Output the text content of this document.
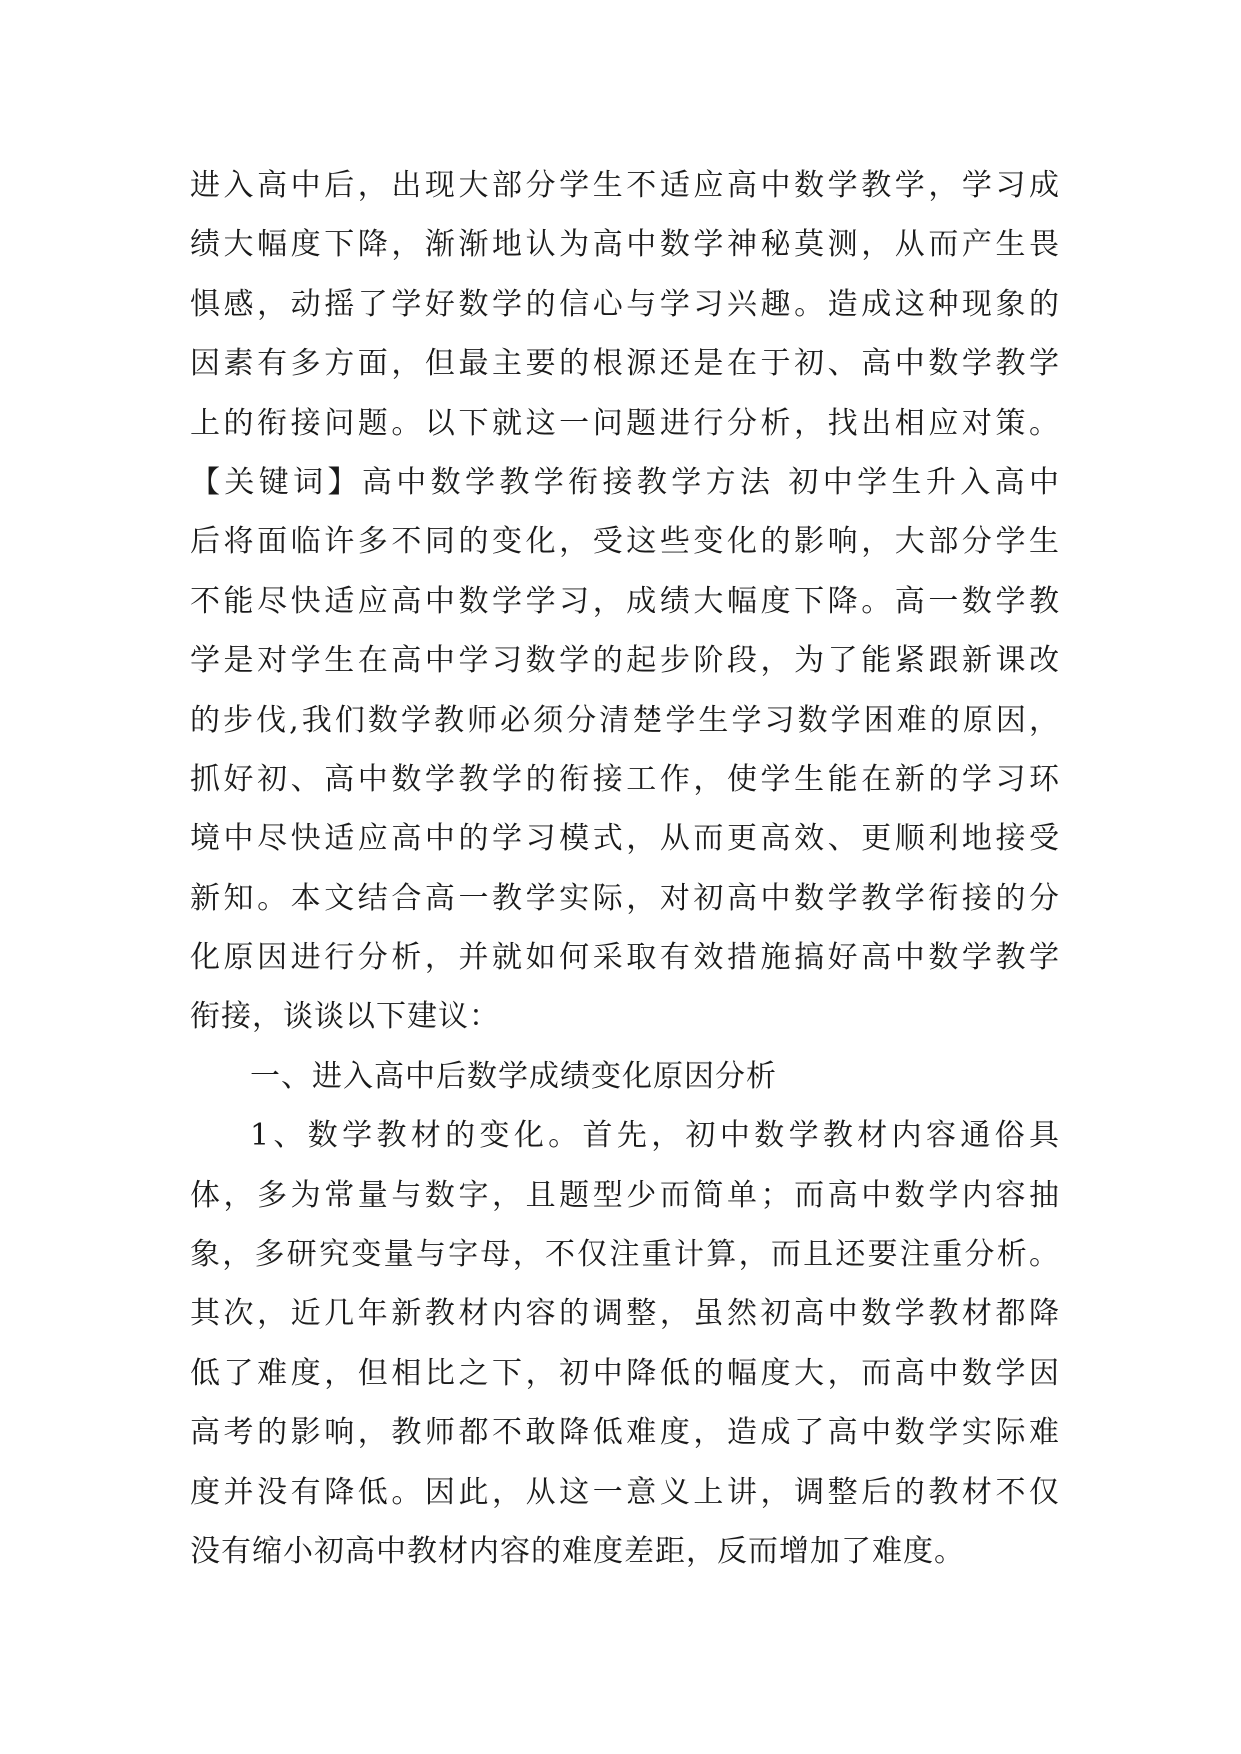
进入高中后，出现大部分学生不适应高中数学教学，学习成
绩大幅度下降，渐渐地认为高中数学神秘莫测，从而产生畏
惧感，动摇了学好数学的信心与学习兴趣。造成这种现象的
因素有多方面，但最主要的根源还是在于初、高中数学教学
上的衔接问题。以下就这一问题进行分析，找出相应对策。
【关键词】高中数学教学衔接教学方法 初中学生升入高中
后将面临许多不同的变化，受这些变化的影响，大部分学生
不能尽快适应高中数学学习，成绩大幅度下降。高一数学教
学是对学生在高中学习数学的起步阶段，为了能紧跟新课改
的步伐,我们数学教师必须分清楚学生学习数学困难的原因，
抓好初、高中数学教学的衔接工作，使学生能在新的学习环
境中尽快适应高中的学习模式，从而更高效、更顺利地接受
新知。本文结合高一教学实际，对初高中数学教学衔接的分
化原因进行分析，并就如何采取有效措施搞好高中数学教学
衔接，谈谈以下建议：
一、进入高中后数学成绩变化原因分析
1、数学教材的变化。首先，初中数学教材内容通俗具
体，多为常量与数字，且题型少而简单；而高中数学内容抽
象，多研究变量与字母，不仅注重计算，而且还要注重分析。
其次，近几年新教材内容的调整，虽然初高中数学教材都降
低了难度，但相比之下，初中降低的幅度大，而高中数学因
高考的影响，教师都不敢降低难度，造成了高中数学实际难
度并没有降低。因此，从这一意义上讲，调整后的教材不仅
没有缩小初高中教材内容的难度差距，反而增加了难度。
